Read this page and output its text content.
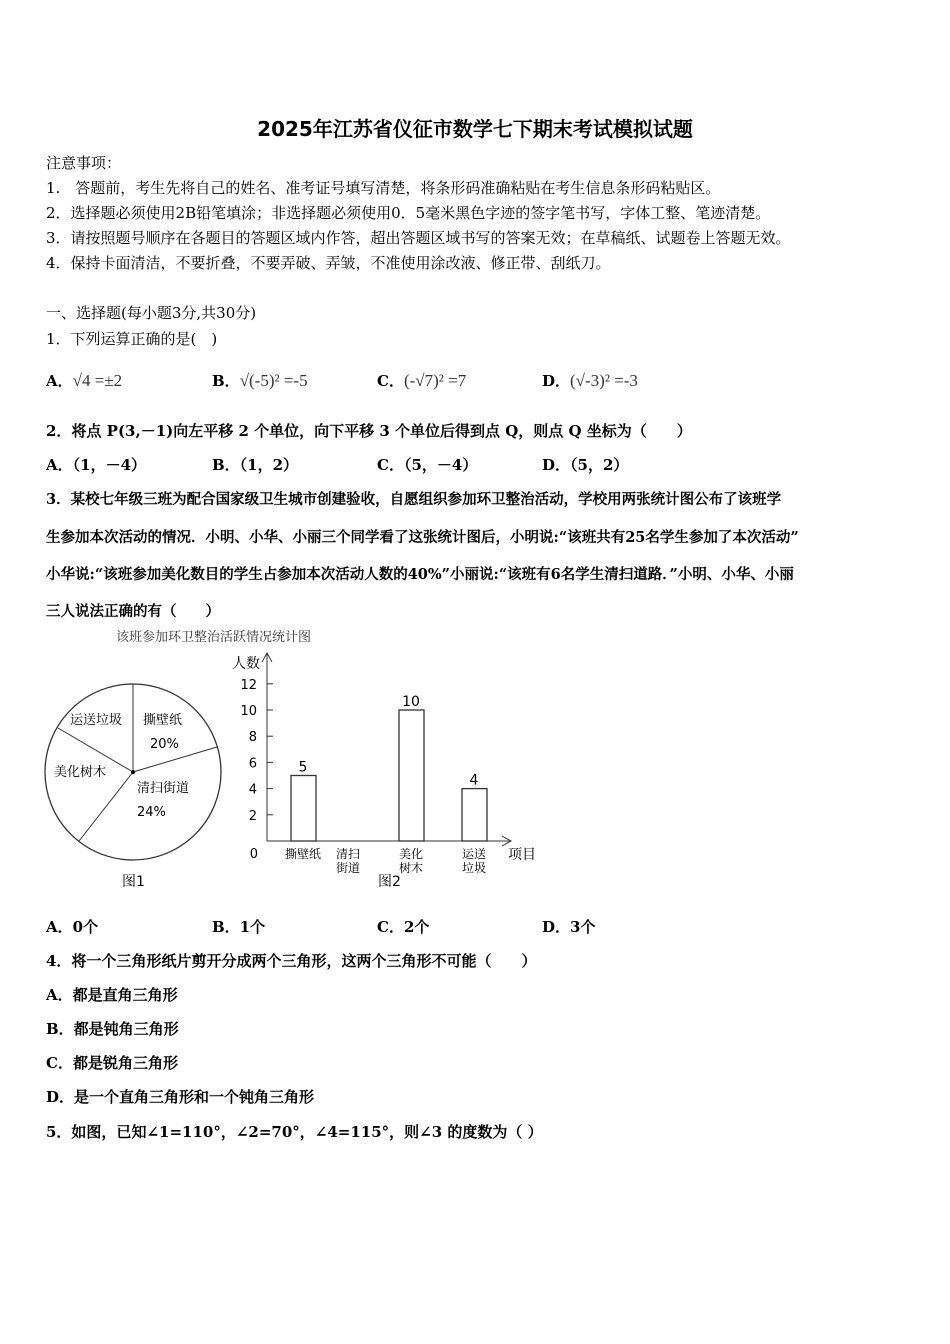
2025年江苏省仪征市数学七下期末考试模拟试题
注意事项：
1.　答题前，考生先将自己的姓名、准考证号填写清楚，将条形码准确粘贴在考生信息条形码粘贴区。
2．选择题必须使用2B铅笔填涂；非选择题必须使用0．5毫米黑色字迹的签字笔书写，字体工整、笔迹清楚。
3．请按照题号顺序在各题目的答题区域内作答，超出答题区域书写的答案无效；在草稿纸、试题卷上答题无效。
4．保持卡面清洁，不要折叠，不要弄破、弄皱，不准使用涂改液、修正带、刮纸刀。
一、选择题(每小题3分,共30分)
1．下列运算正确的是(　)
A．√4 =±2	B．√(-5)² =-5	C．(-√7)² =7	D．(√-3)² =-3
2．将点 P(3,－1)向左平移 2 个单位，向下平移 3 个单位后得到点 Q，则点 Q 坐标为（　　）
A．（1，－4）	B．（1，2）	C．（5，－4）	D．（5，2）
3．某校七年级三班为配合国家级卫生城市创建验收，自愿组织参加环卫整治活动，学校用两张统计图公布了该班学
生参加本次活动的情况．小明、小华、小丽三个同学看了这张统计图后，小明说:“该班共有25名学生参加了本次活动”
小华说:“该班参加美化数目的学生占参加本次活动人数的40%”小丽说:“该班有6名学生清扫道路．”小明、小华、小丽
三人说法正确的有（　　）
该班参加环卫整治活跃情况统计图
撕壁纸
20%
清扫街道
24%
美化树木
运送垃圾
图1
人数
项目
图2
0
2
4
6
8
10
12
5
撕壁纸 清扫
街道
10
美化
树木
4
运送
垃圾
A．0个	B．1个	C．2个	D．3个
4．将一个三角形纸片剪开分成两个三角形，这两个三角形不可能（　　）
A．都是直角三角形
B．都是钝角三角形
C．都是锐角三角形
D．是一个直角三角形和一个钝角三角形
5．如图，已知∠1=110°，∠2=70°，∠4=115°，则∠3 的度数为（ ）
